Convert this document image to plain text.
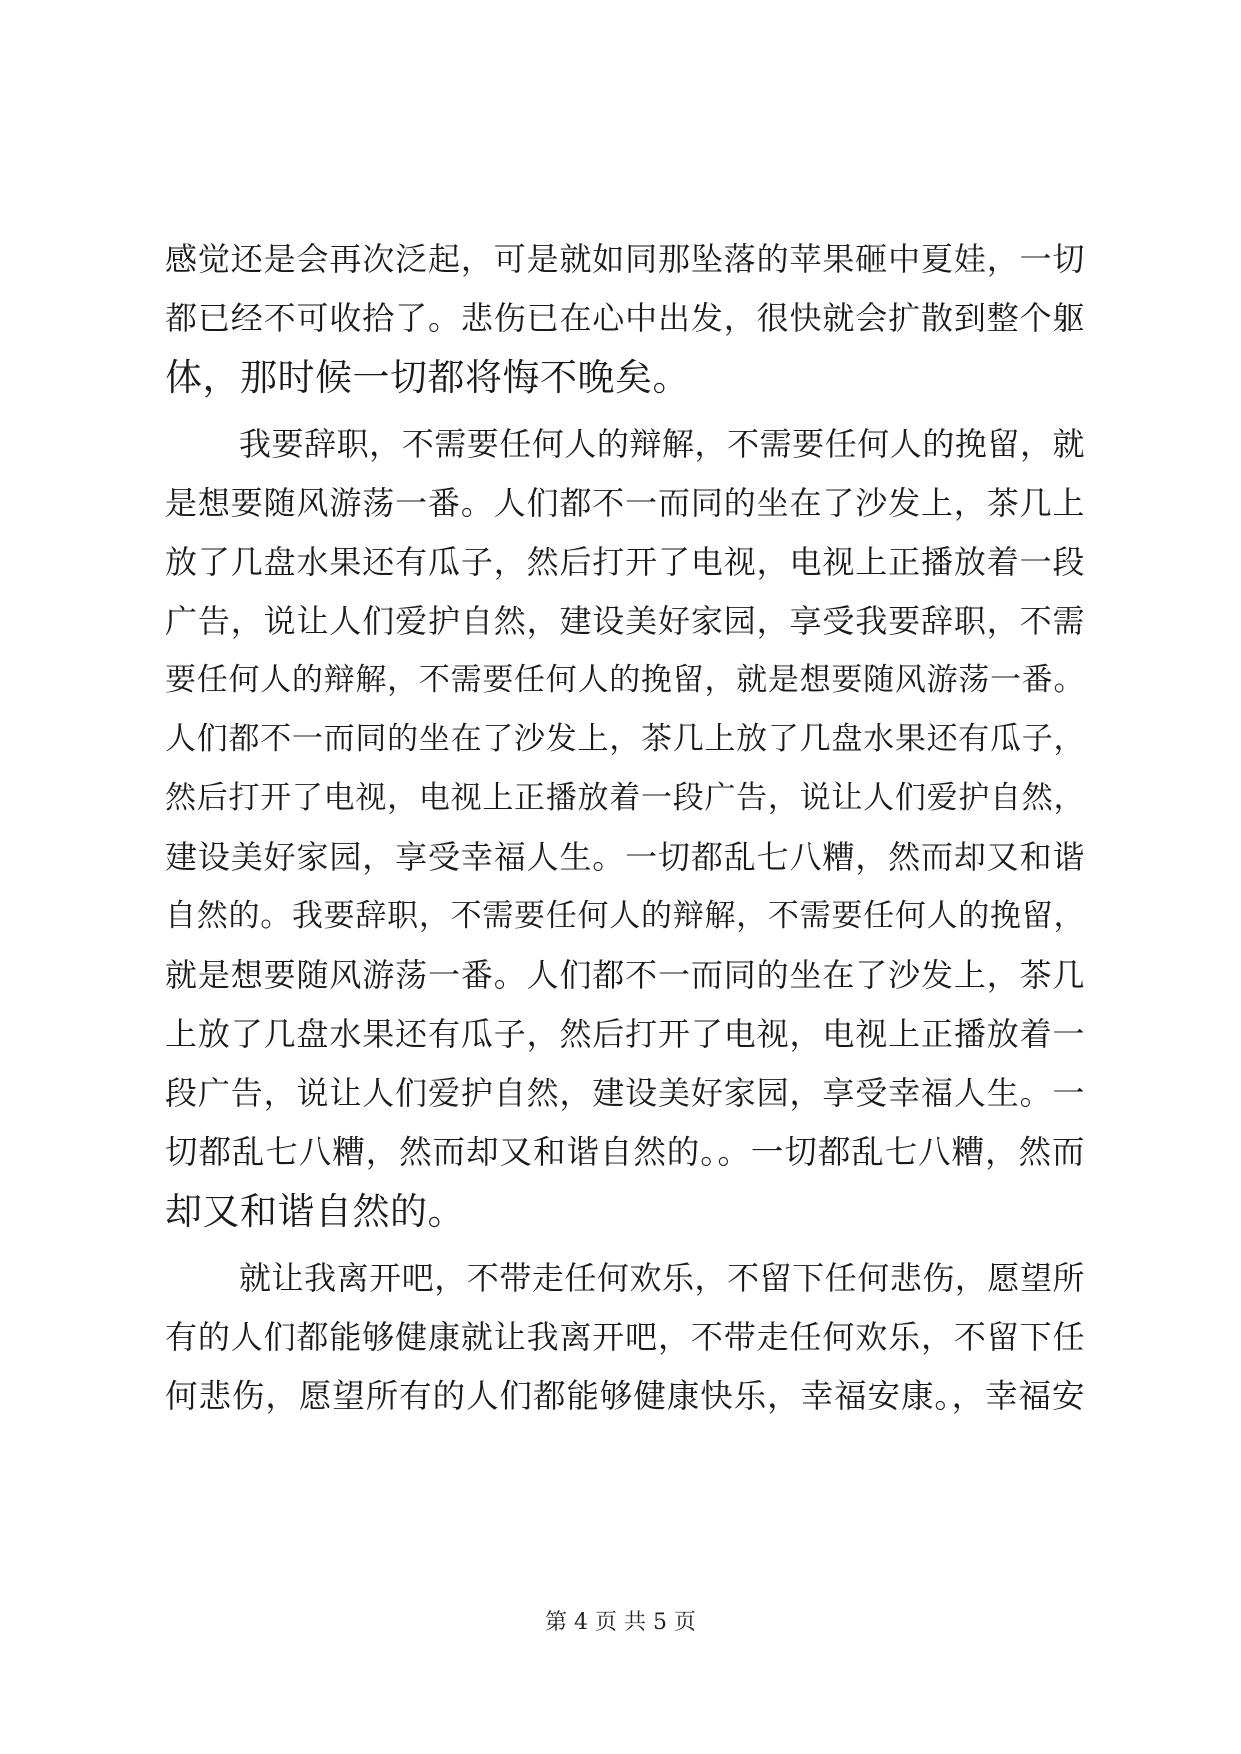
感觉还是会再次泛起，可是就如同那坠落的苹果砸中夏娃，一切
都已经不可收拾了。悲伤已在心中出发，很快就会扩散到整个躯
体，那时候一切都将悔不晚矣。
我要辞职，不需要任何人的辩解，不需要任何人的挽留，就
是想要随风游荡一番。人们都不一而同的坐在了沙发上，茶几上
放了几盘水果还有瓜子，然后打开了电视，电视上正播放着一段
广告，说让人们爱护自然，建设美好家园，享受我要辞职，不需
要任何人的辩解，不需要任何人的挽留，就是想要随风游荡一番。
人们都不一而同的坐在了沙发上，茶几上放了几盘水果还有瓜子，
然后打开了电视，电视上正播放着一段广告，说让人们爱护自然，
建设美好家园，享受幸福人生。一切都乱七八糟，然而却又和谐
自然的。我要辞职，不需要任何人的辩解，不需要任何人的挽留，
就是想要随风游荡一番。人们都不一而同的坐在了沙发上，茶几
上放了几盘水果还有瓜子，然后打开了电视，电视上正播放着一
段广告，说让人们爱护自然，建设美好家园，享受幸福人生。一
切都乱七八糟，然而却又和谐自然的。。一切都乱七八糟，然而
却又和谐自然的。
就让我离开吧，不带走任何欢乐，不留下任何悲伤，愿望所
有的人们都能够健康就让我离开吧，不带走任何欢乐，不留下任
何悲伤，愿望所有的人们都能够健康快乐，幸福安康。，幸福安
第 4 页 共 5 页
